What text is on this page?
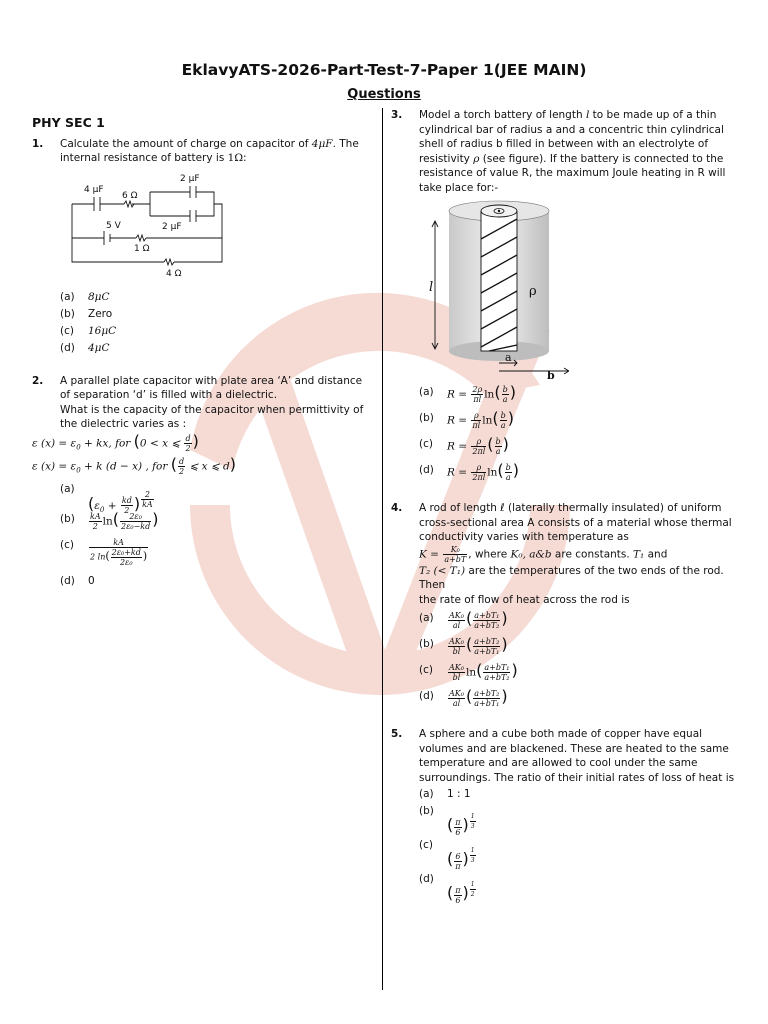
EklavyATS-2026-Part-Test-7-Paper 1(JEE MAIN)
Questions
PHY SEC 1
1. Calculate the amount of charge on capacitor of 4μF. The internal resistance of battery is 1Ω:

4 μF
6 Ω
2 μF
5 V	2 μF
1 Ω
4 Ω
(a) 8μC
(b) Zero
(c) 16μC
(d) 4μC
2. A parallel plate capacitor with plate area ‘A’ and distance of separation ‘d’ is filled with a dielectric.

What is the capacity of the capacitor when permittivity of the dielectric varies as :

ε $(x) = \varepsilon_0$ + kx, for (0 < x ⩽ $\frac{d}{2}$ )
ε $(x) = \varepsilon_0 + k$ (d − x) , for ( $\frac{d}{2}$ ⩽ x ⩽ d)
(a)
($\varepsilon_0 + \frac{kd}{2}$ ) $\frac{2}{kA}$
$(b) \frac{kA}{2} \ln( \frac{\text{2ε₀}}{\text{2ε₀−kd}}$ )
$(c) \frac{kA}{2 \ln( \frac{\text{2ε₀+kd}}{\text{2ε₀}} )}$
(d) 0
3. Model a torch battery of length l to be made up of a thin cylindrical bar of radius a and a concentric thin cylindrical shell of radius b filled in between with an electrolyte of resistivity ρ (see figure). If the battery is connected to the resistance of value R, the maximum Joule heating in R will take place for:-

l	ρ
a
b
(a) $R = \frac{2\rho}{\pi l} \ln( \frac{b}{a}$ )
(b) $R = \frac{\rho}{\pi l} \ln( \frac{b}{a}$ )
(c) $R = \frac{\rho}{2\pi l}$ ( $\frac{b}{a}$ )
(d) $R = \frac{\rho}{2\pi l} \ln( \frac{b}{a}$ )
4. A rod of length ℓ (laterally thermally insulated) of uniform cross-sectional area A consists of a material whose thermal conductivity varies with temperature as

$K = \frac{\text{K₀}}{a+bT}$ , where K₀, a&b are constants. T₁ and

T₂ (< T₁) are the temperatures of the two ends of the rod. Then

the rate of flow of heat across the rod is

$(a) \frac{\text{AK₀}}{al}$ ( $\frac{\text{a+bT₁}}{\text{a+bT₂}}$ )
$(b) \frac{\text{AK₀}}{bl}$ ( $\frac{\text{a+bT₂}}{\text{a+bT₁}}$ )
$(c) \frac{\text{AK₀}}{bl} \ln( \frac{\text{a+bT₁}}{\text{a+bT₂}}$ )
$(d) \frac{\text{AK₀}}{al}$ ( $\frac{\text{a+bT₂}}{\text{a+bT₁}}$ )
5. A sphere and a cube both made of copper have equal volumes and are blackened. These are heated to the same temperature and are allowed to cool under the same surroundings. The ratio of their initial rates of loss of heat is

(a) 1 : 1
(b)
( $\frac{\pi}{6}$ ) $\frac{1}{3}$
(c)
( $\frac{6}{\pi}$ ) $\frac{1}{3}$
(d)
( $\frac{\pi}{6}$ ) $\frac{1}{2}$
